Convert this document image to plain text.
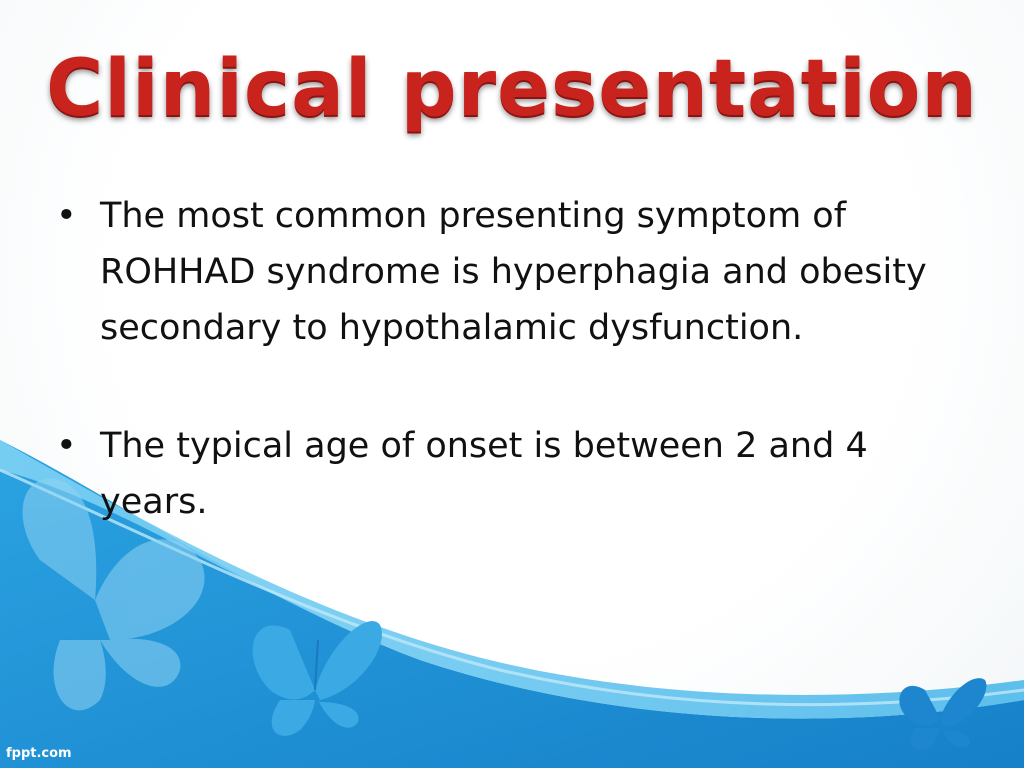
Clinical presentation
• The most common presenting symptom of ROHHAD syndrome is hyperphagia and obesity secondary to hypothalamic dysfunction.
• The typical age of onset is between 2 and 4 years.
fppt.com
